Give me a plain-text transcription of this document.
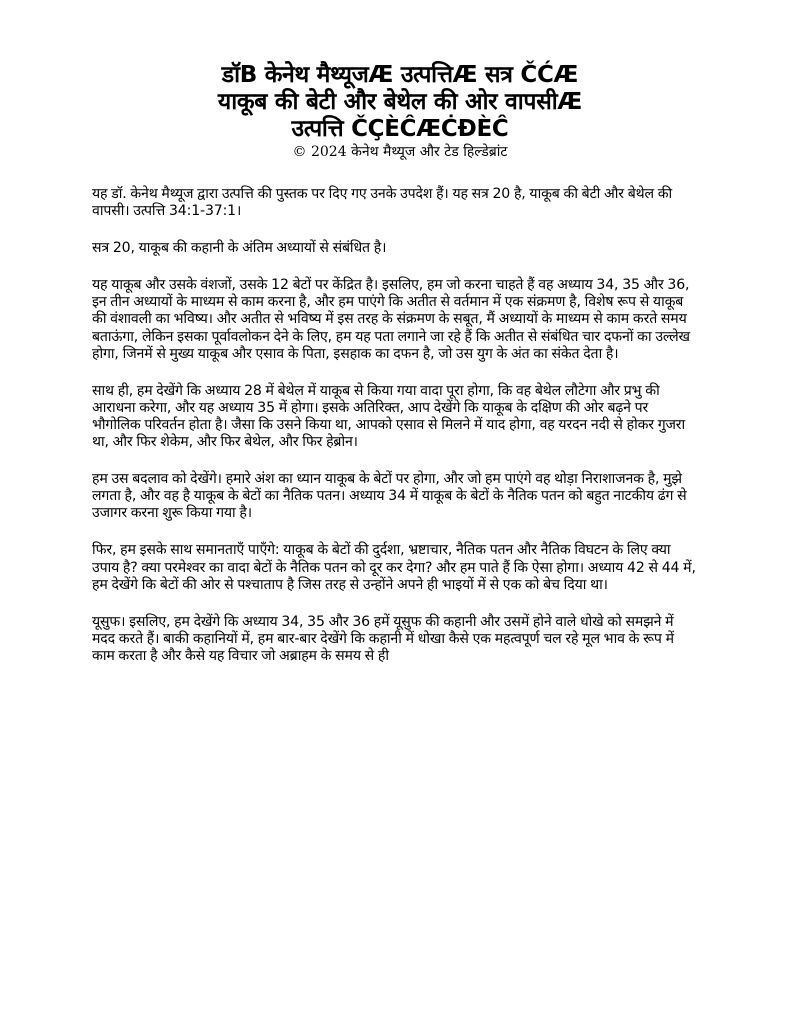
डॉB केनेथ मैथ्यूजÆ उत्पत्तिÆ सत्र ČĆÆ
याकूब की बेटी और बेथेल की ओर वापसीÆ
उत्पत्ति ČÇÈĈÆĊĐÈĈ
© 2024 केनेथ मैथ्यूज और टेड हिल्डेब्रांट

यह डॉ. केनेथ मैथ्यूज द्वारा उत्पत्ति की पुस्तक पर दिए गए उनके उपदेश हैं। यह सत्र 20 है, याकूब की बेटी और बेथेल की वापसी। उत्पत्ति 34:1-37:1।

सत्र 20, याकूब की कहानी के अंतिम अध्यायों से संबंधित है।

यह याकूब और उसके वंशजों, उसके 12 बेटों पर केंद्रित है। इसलिए, हम जो करना चाहते हैं वह अध्याय 34, 35 और 36, इन तीन अध्यायों के माध्यम से काम करना है, और हम पाएंगे कि अतीत से वर्तमान में एक संक्रमण है, विशेष रूप से याकूब की वंशावली का भविष्य। और अतीत से भविष्य में इस तरह के संक्रमण के सबूत, मैं अध्यायों के माध्यम से काम करते समय बताऊंगा, लेकिन इसका पूर्वावलोकन देने के लिए, हम यह पता लगाने जा रहे हैं कि अतीत से संबंधित चार दफनों का उल्लेख होगा, जिनमें से मुख्य याकूब और एसाव के पिता, इसहाक का दफन है, जो उस युग के अंत का संकेत देता है।

साथ ही, हम देखेंगे कि अध्याय 28 में बेथेल में याकूब से किया गया वादा पूरा होगा, कि वह बेथेल लौटेगा और प्रभु की आराधना करेगा, और यह अध्याय 35 में होगा। इसके अतिरिक्त, आप देखेंगे कि याकूब के दक्षिण की ओर बढ़ने पर भौगोलिक परिवर्तन होता है। जैसा कि उसने किया था, आपको एसाव से मिलने में याद होगा, वह यरदन नदी से होकर गुजरा था, और फिर शेकेम, और फिर बेथेल, और फिर हेब्रोन।

हम उस बदलाव को देखेंगे। हमारे अंश का ध्यान याकूब के बेटों पर होगा, और जो हम पाएंगे वह थोड़ा निराशाजनक है, मुझे लगता है, और वह है याकूब के बेटों का नैतिक पतन। अध्याय 34 में याकूब के बेटों के नैतिक पतन को बहुत नाटकीय ढंग से उजागर करना शुरू किया गया है।

फिर, हम इसके साथ समानताएँ पाएँगे: याकूब के बेटों की दुर्दशा, भ्रष्टाचार, नैतिक पतन और नैतिक विघटन के लिए क्या उपाय है? क्या परमेश्वर का वादा बेटों के नैतिक पतन को दूर कर देगा? और हम पाते हैं कि ऐसा होगा। अध्याय 42 से 44 में, हम देखेंगे कि बेटों की ओर से पश्चाताप है जिस तरह से उन्होंने अपने ही भाइयों में से एक को बेच दिया था।

यूसुफ। इसलिए, हम देखेंगे कि अध्याय 34, 35 और 36 हमें यूसुफ की कहानी और उसमें होने वाले धोखे को समझने में मदद करते हैं। बाकी कहानियों में, हम बार-बार देखेंगे कि कहानी में धोखा कैसे एक महत्वपूर्ण चल रहे मूल भाव के रूप में काम करता है और कैसे यह विचार जो अब्राहम के समय से ही
